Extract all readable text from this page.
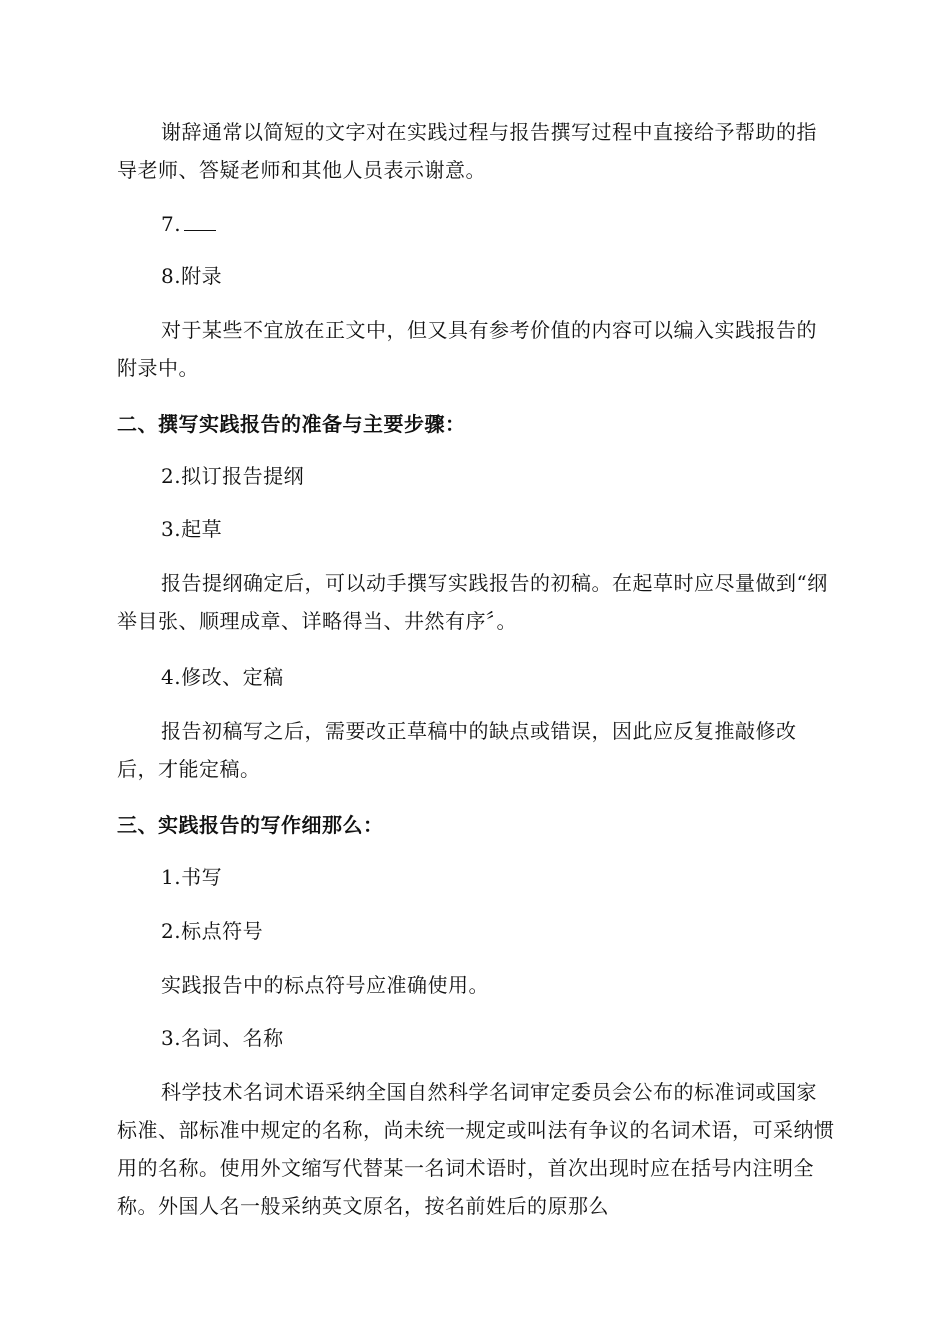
谢辞通常以简短的文字对在实践过程与报告撰写过程中直接给予帮助的指导老师、答疑老师和其他人员表示谢意。
7.
8.附录
对于某些不宜放在正文中，但又具有参考价值的内容可以编入实践报告的附录中。
二、撰写实践报告的准备与主要步骤：
2.拟订报告提纲
3.起草
报告提纲确定后，可以动手撰写实践报告的初稿。在起草时应尽量做到“纲举目张、顺理成章、详略得当、井然有序〞。
4.修改、定稿
报告初稿写之后，需要改正草稿中的缺点或错误，因此应反复推敲修改后，才能定稿。
三、实践报告的写作细那么：
1.书写
2.标点符号
实践报告中的标点符号应准确使用。
3.名词、名称
科学技术名词术语采纳全国自然科学名词审定委员会公布的标准词或国家标准、部标准中规定的名称，尚未统一规定或叫法有争议的名词术语，可采纳惯用的名称。使用外文缩写代替某一名词术语时，首次出现时应在括号内注明全称。外国人名一般采纳英文原名，按名前姓后的原那么
